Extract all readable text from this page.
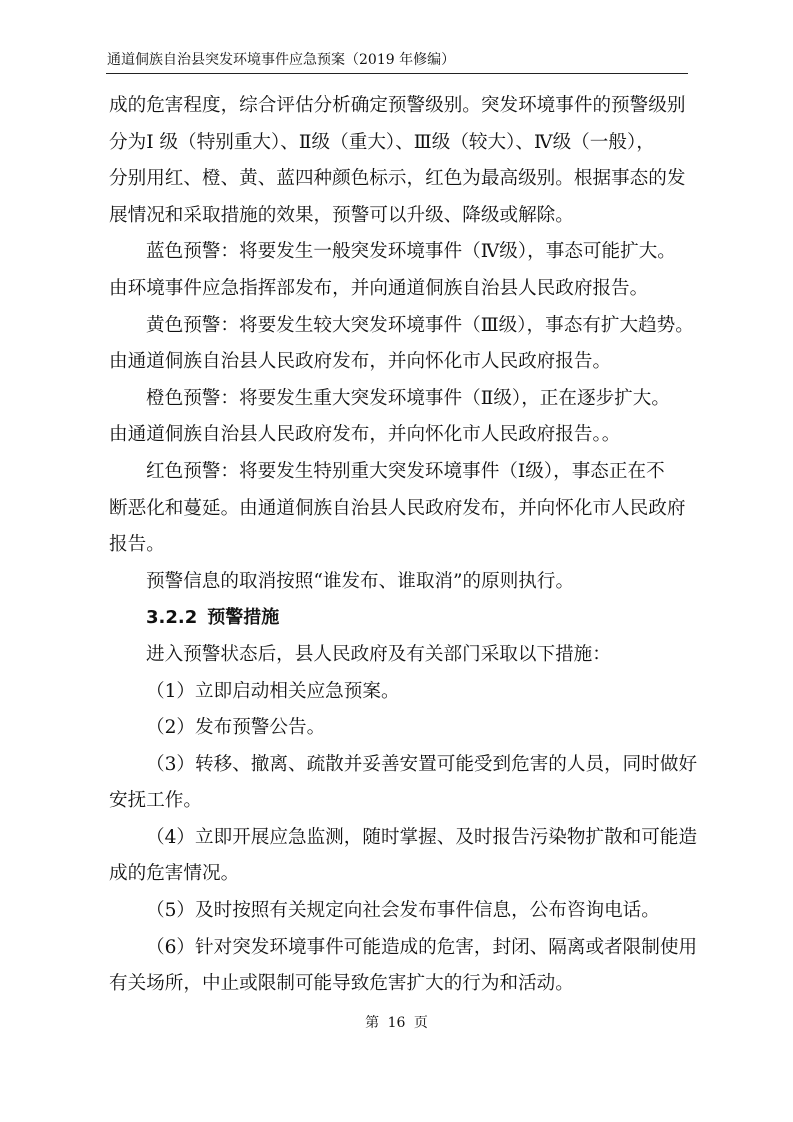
通道侗族自治县突发环境事件应急预案（2019 年修编）

成的危害程度，综合评估分析确定预警级别。突发环境事件的预警级别

分为Ⅰ 级（特别重大）、Ⅱ级（重大）、Ⅲ级（较大）、Ⅳ级（一般），

分别用红、橙、黄、蓝四种颜色标示，红色为最高级别。根据事态的发

展情况和采取措施的效果，预警可以升级、降级或解除。

蓝色预警：将要发生一般突发环境事件（Ⅳ级），事态可能扩大。

由环境事件应急指挥部发布，并向通道侗族自治县人民政府报告。

黄色预警：将要发生较大突发环境事件（Ⅲ级），事态有扩大趋势。

由通道侗族自治县人民政府发布，并向怀化市人民政府报告。

橙色预警：将要发生重大突发环境事件（Ⅱ级），正在逐步扩大。

由通道侗族自治县人民政府发布，并向怀化市人民政府报告。。

红色预警：将要发生特别重大突发环境事件（Ⅰ级），事态正在不

断恶化和蔓延。由通道侗族自治县人民政府发布，并向怀化市人民政府

报告。

预警信息的取消按照“谁发布、谁取消”的原则执行。

3.2.2 预警措施

进入预警状态后，县人民政府及有关部门采取以下措施：

（1）立即启动相关应急预案。

（2）发布预警公告。

（3）转移、撤离、疏散并妥善安置可能受到危害的人员，同时做好

安抚工作。

（4）立即开展应急监测，随时掌握、及时报告污染物扩散和可能造

成的危害情况。

（5）及时按照有关规定向社会发布事件信息，公布咨询电话。

（6）针对突发环境事件可能造成的危害，封闭、隔离或者限制使用

有关场所，中止或限制可能导致危害扩大的行为和活动。

第 16 页
